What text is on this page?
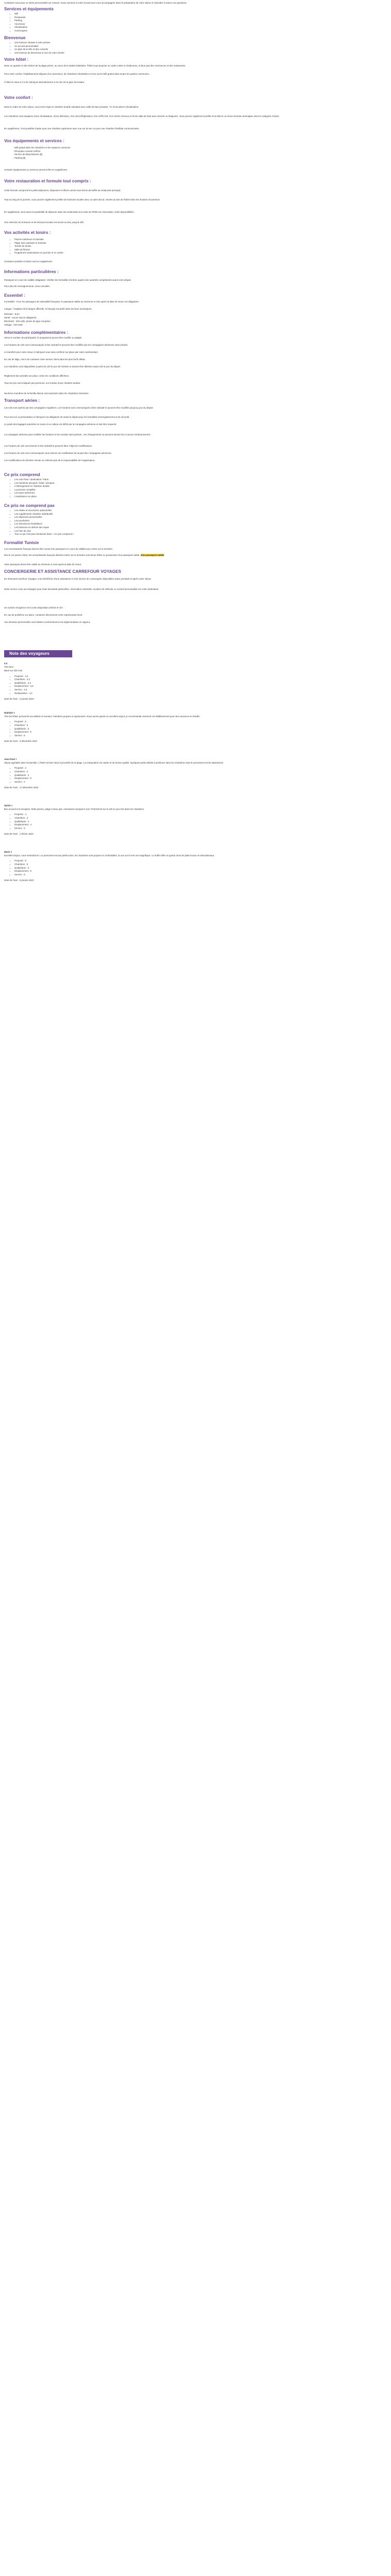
Contactez-nous pour un devis personnalisé sur mesure. Nous sommes à votre écoute pour vous accompagner dans la préparation de votre séjour et répondre à toutes vos questions.

Services et équipements
• Wifi
• Restaurant
• Parking
• Ascenseur
• Climatisation
• Conciergerie
Bienvenue
• Une boisson chaude à votre arrivée
• Un accueil personnalisé
• Un plan de la ville et des conseils
• Une boisson de bienvenue le soir de votre arrivée
Votre hôtel :

Dans un quartier à 150 mètres de la plage privée, au cœur de la station balnéaire, l'hôtel vous propose un cadre calme et chaleureux, à deux pas des commerces et des restaurants.

Pour votre confort, l'établissement dispose d'un ascenseur, de chambres climatisées et d'un accès Wifi gratuit dans toutes les parties communes.

L'hôtel se situe à 2 h de l'aéroport international et à 10 min de la gare ferroviaire.

Votre confort :

Dans le cadre de votre séjour, vous serez logé en chambre double standard avec salle de bain privative, TV écran plat et climatisation.

Les chambres sont équipées d'une climatisation, d'une télévision, d'un mini-réfrigérateur, d'un coffre-fort, d'un sèche-cheveux et d'une salle de bain avec douche ou baignoire. Vous pourrez également profiter d'un balcon ou d'une terrasse aménagée selon la catégorie choisie.

En supplément, il est possible d'opter pour une chambre supérieure avec vue sur la mer ou pour une chambre familiale communicante.

Vos équipements et services :
- Wifi gratuit dans les chambres et les espaces communs
- Réception ouverte 24h/24
- Service de blanchisserie ($)
- Parking ($)

Certains équipements ou services peuvent être en supplément.

Votre restauration et formule tout compris :

Cette formule comprend les petits-déjeuners, déjeuners et dîners servis sous forme de buffet au restaurant principal.

Tout au long de la journée, vous pourrez également profiter de boissons locales avec ou sans alcool, servies au bar de l'hôtel selon les horaires d'ouverture.

En supplément, vous aurez la possibilité de déjeuner dans les restaurants à la carte de l'hôtel sur réservation, selon disponibilités.

Une sélection de boissons et de boissons locales est servie au bar, jusqu'à 23h.

Vos activités et loisirs :
• Piscine extérieure et transats
• Plage avec parasols et transats
• Terrain de tennis
• Salle de fitness
• Programme d'animations en journée et en soirée

Certaines activités et loisirs sont en supplément.

Informations particulières :

Passeport en cours de validité obligatoire. Vérifiez les formalités d'entrée auprès des autorités compétentes avant votre départ.

Pour plus de renseignements, nous consulter.

Essentiel :

Formalités : Pour les passagers de nationalité française, le passeport valide au minimum 6 mois après la date de retour est obligatoire.

Langue : l'anglais est la langue officielle, le français est parlé dans les lieux touristiques.

Monnaie : Euro

Santé : Aucun vaccin obligatoire.

Électricité : 220 volts, prises de type européen.

Voltage : 220 volts

Informations complémentaires :

Selon le nombre de participants, le programme pourra être modifié ou adapté.

Les horaires de vols sont communiqués à titre indicatif et peuvent être modifiés par les compagnies aériennes sans préavis.

Le transfert pour votre retour à l'aéroport vous sera confirmé sur place par notre représentant.

En cas de litige, merci de contacter notre service client dans les plus brefs délais.

Les chambres sont disponibles à partir de 14h le jour de l'arrivée et doivent être libérées avant 12h le jour du départ.

Règlement des activités sur place, selon les conditions affichées.

Tous les prix sont indiqués par personne, sur la base d'une chambre double.

Seuls les membres de la famille directe sont autorisés dans les chambres réservées.

Transport aérien :

Les vols sont opérés par des compagnies régulières. Les horaires sont communiqués à titre indicatif et peuvent être modifiés jusqu'au jour du départ.

Pour tout vol, la présentation à l'aéroport est obligatoire 2h avant le départ pour les formalités d'enregistrement et de sécurité.

Le poids des bagages autorisés en soute et en cabine est défini par la compagnie aérienne et doit être respecté.

La compagnie aérienne peut modifier les horaires et les escales sans préavis ; ces changements ne peuvent donner lieu à aucun remboursement.

Les horaires de vols sont donnés à titre indicatif et peuvent faire l'objet de modifications.

Les horaires de vols sont communiqués sous réserve de modification de la part des compagnies aériennes.

Les modifications de dernière minute ne relèvent pas de la responsabilité de l'organisateur.

Ce prix comprend
• Les vols Paris / destination / Paris
• Les transferts aéroport / hôtel / aéroport
• L'hébergement en chambre double
• La pension complète
• Les taxes aériennes
• L'assistance sur place
Ce prix ne comprend pas
• Les visites et excursions optionnelles
• Les suppléments chambre individuelle
• Les dépenses personnelles
• Les pourboires
• Les assurances facultatives
• Les boissons en dehors des repas
• Les frais de visa
• Tout ce qui n'est pas mentionné dans « Ce prix comprend »
Formalité Tunisie

Les ressortissants français doivent être munis d'un passeport en cours de validité pour entrer sur le territoire.

Dès le 1er janvier 2022, les ressortissants français désirant entrer sur le territoire sont tenus d'être en possession d'un passeport valide. d'un passeport valide

Votre passeport devra être valide au minimum 6 mois après la date de retour.

CONCIERGERIE ET ASSISTANCE CARREFOUR VOYAGES

En réservant Carrefour Voyages, vous bénéficiez d'une assistance et d'un service de conciergerie disponibles avant, pendant et après votre séjour.

Notre service vous accompagne pour toute demande particulière, réservation d'activités, location de véhicule ou conseil personnalisé sur votre destination.

Un numéro d'urgence est à votre disposition 24h/24 et 7j/7.

En cas de problème sur place, contactez directement notre représentant local.

Vos données personnelles sont traitées conformément à la réglementation en vigueur.

Note des voyageurs

4,4

Très bien

Basé sur 220 Avis

• Propreté : 4,4
• Chambres : 4,3
• Qualité/prix : 4,4
• Emplacement : 4,5
• Service : 4,5
• Restauration : 4,2

Date de l'avis : 3 janvier 2023

Nathalie 5

Très bel hôtel, personnel accueillant et souriant, chambres propres et spacieuses. Nous avons passé un excellent séjour, je recommande vivement cet établissement pour des vacances en famille.

• Propreté : 5
• Chambres : 5
• Qualité/prix : 5
• Emplacement : 5
• Service : 5

Date de l'avis : 3 décembre 2022

Jean-Paul 4

Séjour agréable dans l'ensemble. L'hôtel est bien situé à proximité de la plage. La restauration est variée et de bonne qualité. Quelques petits détails à améliorer dans les chambres mais le personnel est très attentionné.

• Propreté : 4
• Chambres : 4
• Qualité/prix : 4
• Emplacement : 5
• Service : 4

Date de l'avis : 17 décembre 2022

Sylvie 4

Bon accueil à la réception, belle piscine, plage à deux pas. Animations sympas le soir. Petit bémol sur le wifi un peu lent dans les chambres.

• Propreté : 4
• Chambres : 4
• Qualité/prix : 4
• Emplacement : 4
• Service : 5

Date de l'avis : 1 février 2023

Marie 5

Excellent séjour, nous reviendrons ! Le personnel est aux petits soins, les chambres sont propres et confortables, la vue sur la mer est magnifique. Le buffet offre un grand choix de plats locaux et internationaux.

• Propreté : 5
• Chambres : 5
• Qualité/prix : 5
• Emplacement : 5
• Service : 5

Date de l'avis : 8 janvier 2023
